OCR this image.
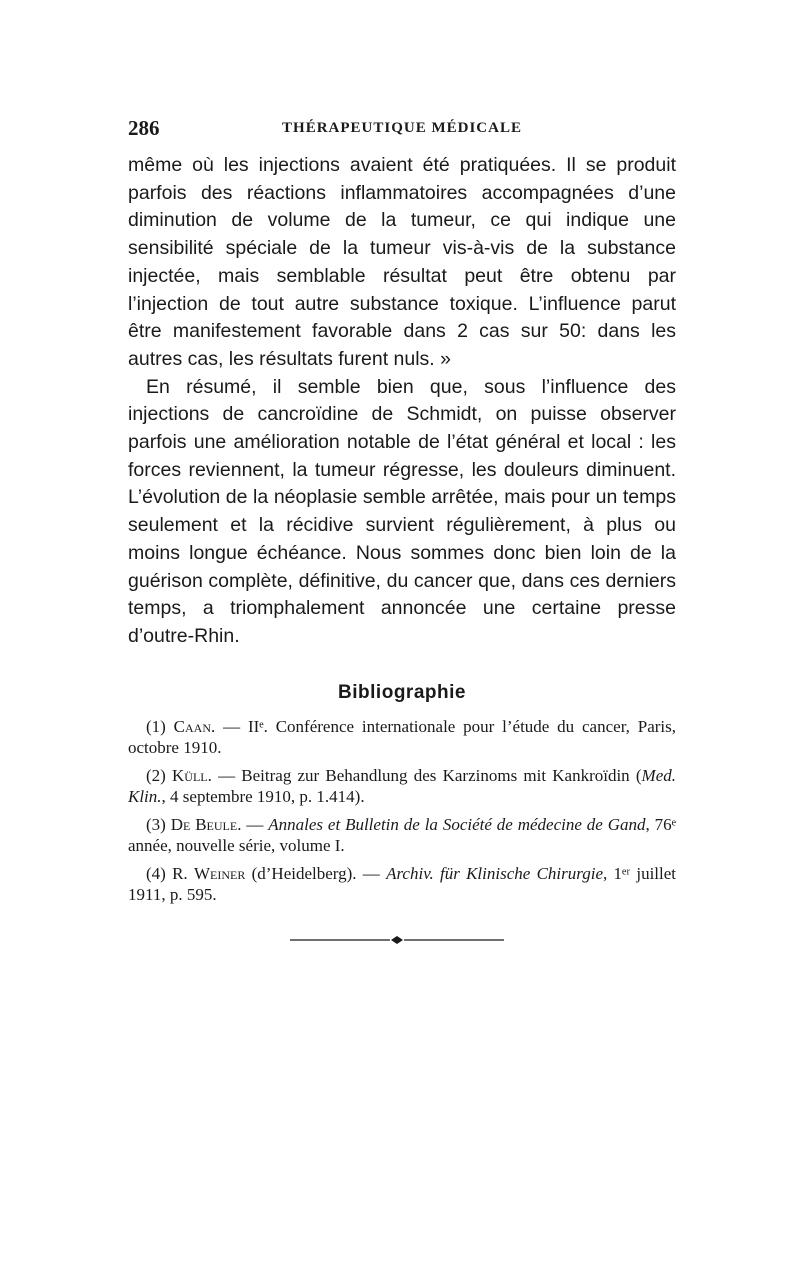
286	THÉRAPEUTIQUE MÉDICALE

même où les injections avaient été pratiquées. Il se produit parfois des réactions inflammatoires accompagnées d’une diminution de volume de la tumeur, ce qui indique une sensibilité spéciale de la tumeur vis-à-vis de la substance injectée, mais semblable résultat peut être obtenu par l’injection de tout autre substance toxique. L’influence parut être manifestement favorable dans 2 cas sur 50: dans les autres cas, les résultats furent nuls. »

En résumé, il semble bien que, sous l’influence des injections de cancroïdine de Schmidt, on puisse observer parfois une amélioration notable de l’état général et local : les forces reviennent, la tumeur régresse, les douleurs diminuent. L’évolution de la néoplasie semble arrêtée, mais pour un temps seulement et la récidive survient régulièrement, à plus ou moins longue échéance. Nous sommes donc bien loin de la guérison complète, définitive, du cancer que, dans ces derniers temps, a triomphalement annoncée une certaine presse d’outre-Rhin.

Bibliographie

(1) Caan. — IIᵉ. Conférence internationale pour l’étude du cancer, Paris, octobre 1910.

(2) Küll. — Beitrag zur Behandlung des Karzinoms mit Kankroïdin (Med. Klin., 4 septembre 1910, p. 1.414).

(3) De Beule. — Annales et Bulletin de la Société de médecine de Gand, 76ᵉ année, nouvelle série, volume I.

(4) R. Weiner (d’Heidelberg). — Archiv. für Klinische Chirurgie, 1ᵉʳ juillet 1911, p. 595.
